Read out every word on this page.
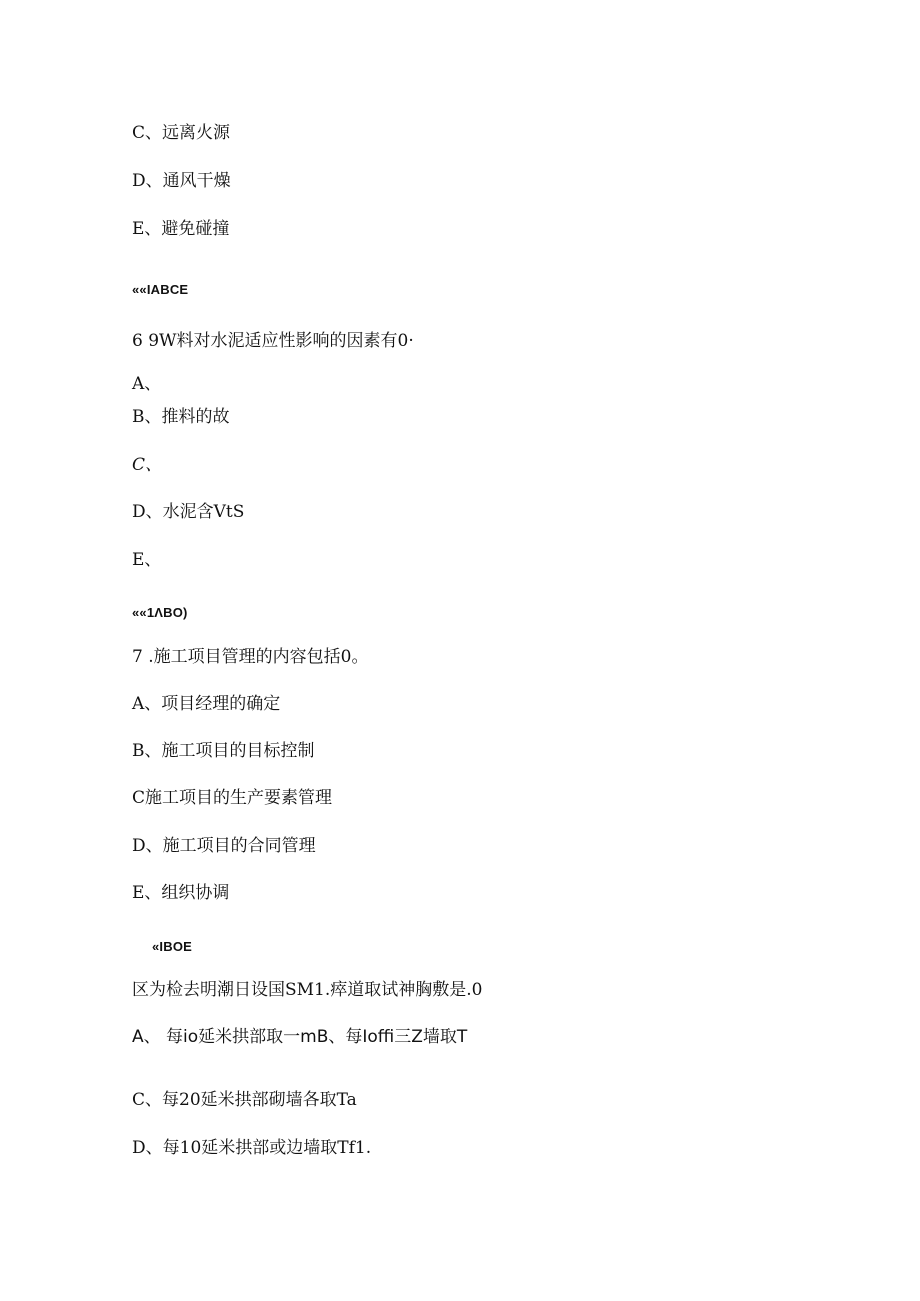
C、远离火源
D、通风干燥
E、避免碰撞
««IABCE
6 9W料对水泥适应性影响的因素有0·
A、
B、推料的故
C、
D、水泥含VtS
E、
««1ΛBO)
7 .施工项目管理的内容包括0。
A、项目经理的确定
B、施工项目的目标控制
C施工项目的生产要素管理
D、施工项目的合同管理
E、组织协调
«IBOE
区为检去明潮日设国SM1.瘁道取试神胸敷是.0
A、 每io延米拱部取一mB、每Ioffi三Z墙取T
C、每20延米拱部砌墙各取Ta
D、每10延米拱部或边墙取Tf1.
